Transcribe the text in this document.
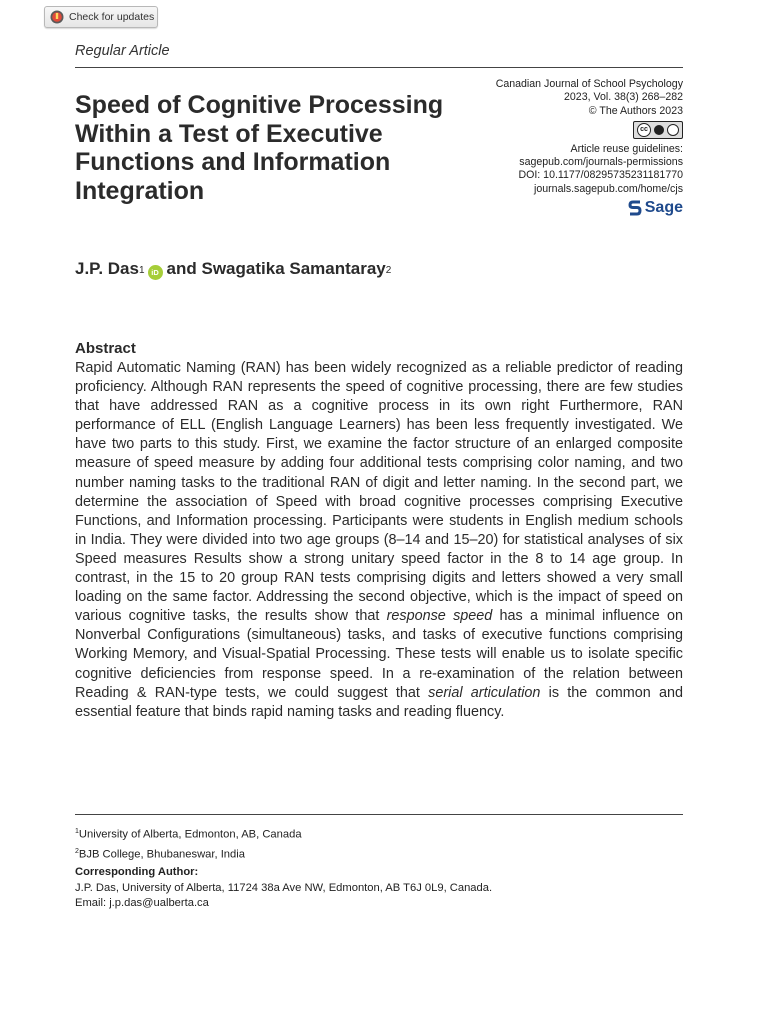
Check for updates
Regular Article
Speed of Cognitive Processing Within a Test of Executive Functions and Information Integration
Canadian Journal of School Psychology
2023, Vol. 38(3) 268–282
© The Authors 2023
cc
Article reuse guidelines:
sagepub.com/journals-permissions
DOI: 10.1177/08295735231181770
journals.sagepub.com/home/cjs
Sage
J.P. Das$^1$ iD and
Swagatika Samantaray$^2$
Abstract

Rapid Automatic Naming (RAN) has been widely recognized as a reliable predictor of reading proficiency. Although RAN represents the speed of cognitive processing, there are few studies that have addressed RAN as a cognitive process in its own right Furthermore, RAN performance of ELL (English Language Learners) has been less frequently investigated. We have two parts to this study. First, we examine the factor structure of an enlarged composite measure of speed measure by adding four additional tests comprising color naming, and two number naming tasks to the traditional RAN of digit and letter naming. In the second part, we determine the association of Speed with broad cognitive processes comprising Executive Functions, and Information processing. Participants were students in English medium schools in India. They were divided into two age groups (8–14 and 15–20) for statistical analyses of six Speed measures Results show a strong unitary speed factor in the 8 to 14 age group. In contrast, in the 15 to 20 group RAN tests comprising digits and letters showed a very small loading on the same factor. Addressing the second objective, which is the impact of speed on various cognitive tasks, the results show that response speed has a minimal influence on Nonverbal Configurations (simultaneous) tasks, and tasks of executive functions comprising Working Memory, and Visual-Spatial Processing. These tests will enable us to isolate specific cognitive deficiencies from response speed. In a re-examination of the relation between Reading & RAN-type tests, we could suggest that serial articulation is the common and essential feature that binds rapid naming tasks and reading fluency.

$^1$University of Alberta, Edmonton, AB, Canada
$^2$BJB College, Bhubaneswar, India
Corresponding Author:
J.P. Das, University of Alberta, 11724 38a Ave NW, Edmonton, AB T6J 0L9, Canada.
Email: j.p.das@ualberta.ca
